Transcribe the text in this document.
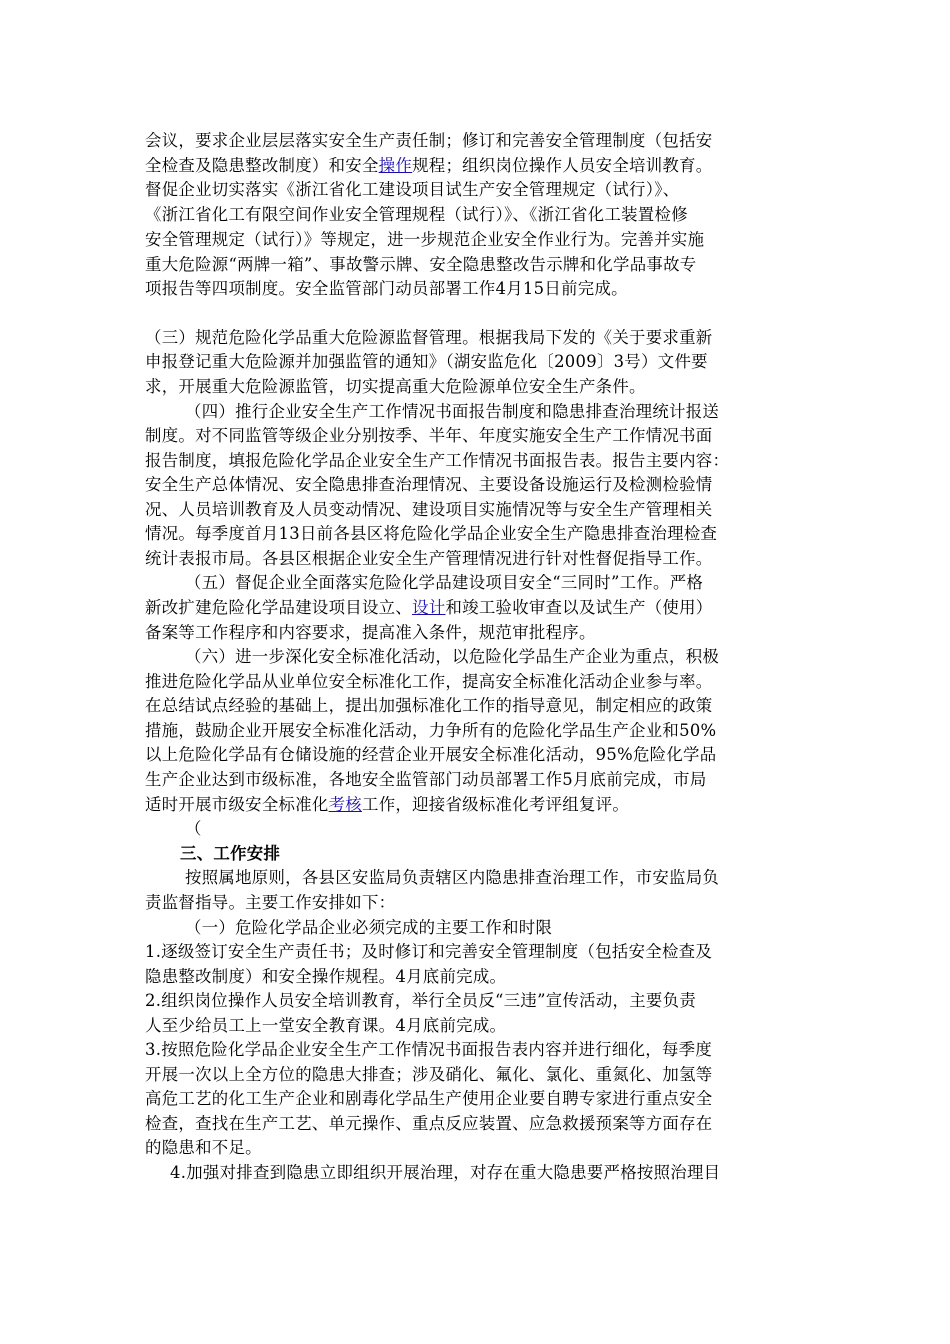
会议，要求企业层层落实安全生产责任制；修订和完善安全管理制度（包括安
全检查及隐患整改制度）和安全操作规程；组织岗位操作人员安全培训教育。
督促企业切实落实《浙江省化工建设项目试生产安全管理规定（试行）》、
《浙江省化工有限空间作业安全管理规程（试行）》、《浙江省化工装置检修
安全管理规定（试行）》等规定，进一步规范企业安全作业行为。完善并实施
重大危险源“两牌一箱”、事故警示牌、安全隐患整改告示牌和化学品事故专
项报告等四项制度。安全监管部门动员部署工作4月15日前完成。
（三）规范危险化学品重大危险源监督管理。根据我局下发的《关于要求重新
申报登记重大危险源并加强监管的通知》（湖安监危化〔2009〕3号）文件要
求，开展重大危险源监管，切实提高重大危险源单位安全生产条件。
（四）推行企业安全生产工作情况书面报告制度和隐患排查治理统计报送
制度。对不同监管等级企业分别按季、半年、年度实施安全生产工作情况书面
报告制度，填报危险化学品企业安全生产工作情况书面报告表。报告主要内容：
安全生产总体情况、安全隐患排查治理情况、主要设备设施运行及检测检验情
况、人员培训教育及人员变动情况、建设项目实施情况等与安全生产管理相关
情况。每季度首月13日前各县区将危险化学品企业安全生产隐患排查治理检查
统计表报市局。各县区根据企业安全生产管理情况进行针对性督促指导工作。
（五）督促企业全面落实危险化学品建设项目安全“三同时”工作。严格
新改扩建危险化学品建设项目设立、设计和竣工验收审查以及试生产（使用）
备案等工作程序和内容要求，提高准入条件，规范审批程序。
（六）进一步深化安全标准化活动，以危险化学品生产企业为重点，积极
推进危险化学品从业单位安全标准化工作，提高安全标准化活动企业参与率。
在总结试点经验的基础上，提出加强标准化工作的指导意见，制定相应的政策
措施，鼓励企业开展安全标准化活动，力争所有的危险化学品生产企业和50%
以上危险化学品有仓储设施的经营企业开展安全标准化活动，95%危险化学品
生产企业达到市级标准，各地安全监管部门动员部署工作5月底前完成，市局
适时开展市级安全标准化考核工作，迎接省级标准化考评组复评。
（
三、工作安排
按照属地原则，各县区安监局负责辖区内隐患排查治理工作，市安监局负
责监督指导。主要工作安排如下：
（一）危险化学品企业必须完成的主要工作和时限
1.逐级签订安全生产责任书；及时修订和完善安全管理制度（包括安全检查及
隐患整改制度）和安全操作规程。4月底前完成。
2.组织岗位操作人员安全培训教育，举行全员反“三违”宣传活动，主要负责
人至少给员工上一堂安全教育课。4月底前完成。
3.按照危险化学品企业安全生产工作情况书面报告表内容并进行细化，每季度
开展一次以上全方位的隐患大排查；涉及硝化、氟化、氯化、重氮化、加氢等
高危工艺的化工生产企业和剧毒化学品生产使用企业要自聘专家进行重点安全
检查，查找在生产工艺、单元操作、重点反应装置、应急救援预案等方面存在
的隐患和不足。
4.加强对排查到隐患立即组织开展治理，对存在重大隐患要严格按照治理目
